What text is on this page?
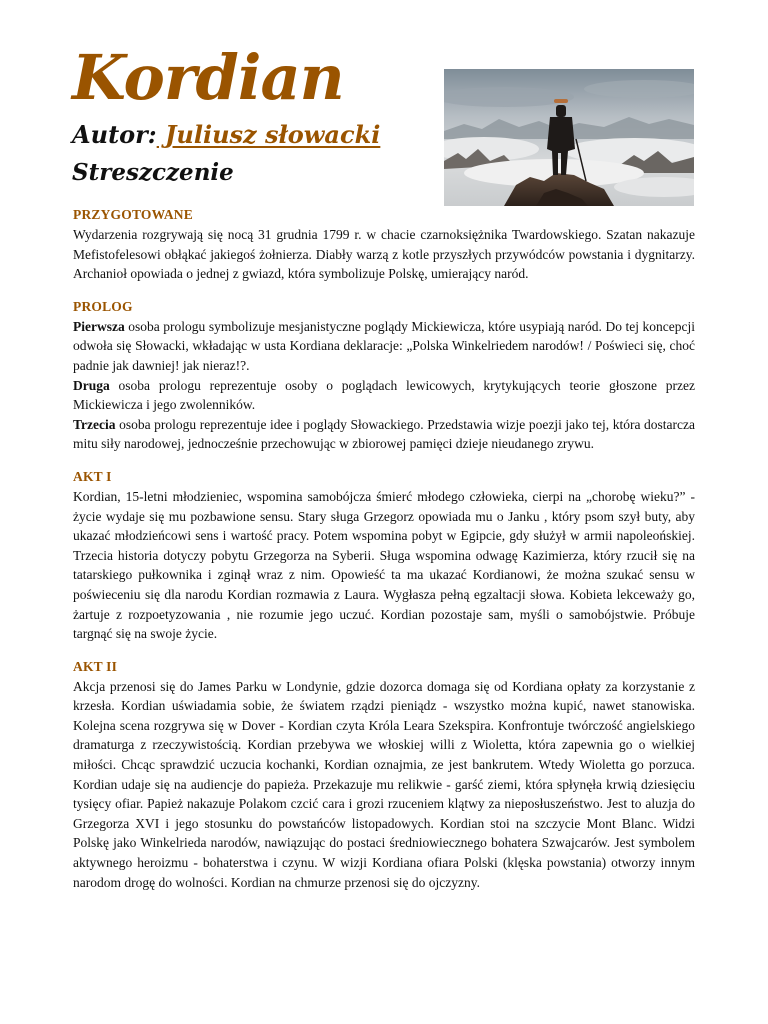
Kordian

Autor: Juliusz słowacki

Streszczenie

PRZYGOTOWANE

Wydarzenia rozgrywają się nocą 31 grudnia 1799 r. w chacie czarnoksiężnika Twardowskiego. Szatan nakazuje Mefistofelesowi obłąkać jakiegoś żołnierza. Diabły warzą z kotle przyszłych przywódców powstania i dygnitarzy. Archanioł opowiada o jednej z gwiazd, która symbolizuje Polskę, umierający naród.

PROLOG

Pierwsza osoba prologu symbolizuje mesjanistyczne poglądy Mickiewicza, które usypiają naród. Do tej koncepcji odwoła się Słowacki, wkładając w usta Kordiana deklaracje: „Polska Winkelriedem narodów! / Poświeci się, choć padnie jak dawniej! jak nieraz!?.

Druga osoba prologu reprezentuje osoby o poglądach lewicowych, krytykujących teorie głoszone przez Mickiewicza i jego zwolenników.

Trzecia osoba prologu reprezentuje idee i poglądy Słowackiego. Przedstawia wizje poezji jako tej, która dostarcza mitu siły narodowej, jednocześnie przechowując w zbiorowej pamięci dzieje nieudanego zrywu.

AKT I

Kordian, 15-letni młodzieniec, wspomina samobójcza śmierć młodego człowieka, cierpi na „chorobę wieku?” - życie wydaje się mu pozbawione sensu. Stary sługa Grzegorz opowiada mu o Janku , który psom szył buty, aby ukazać młodzieńcowi sens i wartość pracy. Potem wspomina pobyt w Egipcie, gdy służył w armii napoleońskiej. Trzecia historia dotyczy pobytu Grzegorza na Syberii. Sługa wspomina odwagę Kazimierza, który rzucił się na tatarskiego pułkownika i zginął wraz z nim. Opowieść ta ma ukazać Kordianowi, że można szukać sensu w poświeceniu się dla narodu Kordian rozmawia z Laura. Wygłasza pełną egzaltacji słowa. Kobieta lekceważy go, żartuje z rozpoetyzowania , nie rozumie jego uczuć. Kordian pozostaje sam, myśli o samobójstwie. Próbuje targnąć się na swoje życie.

AKT II

Akcja przenosi się do James Parku w Londynie, gdzie dozorca domaga się od Kordiana opłaty za korzystanie z krzesła. Kordian uświadamia sobie, że światem rządzi pieniądz - wszystko można kupić, nawet stanowiska. Kolejna scena rozgrywa się w Dover - Kordian czyta Króla Leara Szekspira. Konfrontuje twórczość angielskiego dramaturga z rzeczywistością. Kordian przebywa we włoskiej willi z Wioletta, która zapewnia go o wielkiej miłości. Chcąc sprawdzić uczucia kochanki, Kordian oznajmia, ze jest bankrutem. Wtedy Wioletta go porzuca. Kordian udaje się na audiencje do papieża. Przekazuje mu relikwie - garść ziemi, która spłynęła krwią dziesięciu tysięcy ofiar. Papież nakazuje Polakom czcić cara i grozi rzuceniem klątwy za nieposłuszeństwo. Jest to aluzja do Grzegorza XVI i jego stosunku do powstańców listopadowych. Kordian stoi na szczycie Mont Blanc. Widzi Polskę jako Winkelrieda narodów, nawiązując do postaci średniowiecznego bohatera Szwajcarów. Jest symbolem aktywnego heroizmu - bohaterstwa i czynu. W wizji Kordiana ofiara Polski (klęska powstania) otworzy innym narodom drogę do wolności. Kordian na chmurze przenosi się do ojczyzny.
